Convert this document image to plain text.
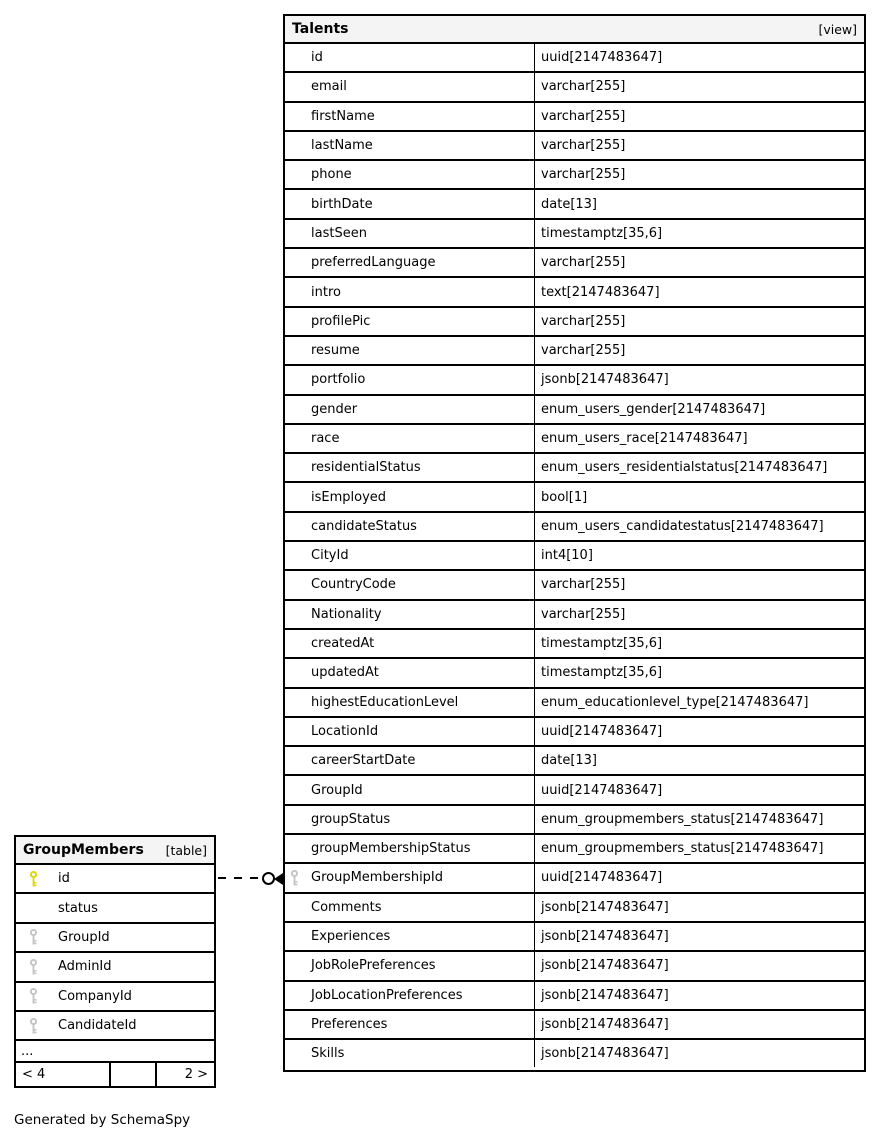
Talents	[view]
id	uuid[2147483647]
email	varchar[255]
firstName	varchar[255]
lastName	varchar[255]
phone	varchar[255]
birthDate	date[13]
lastSeen	timestamptz[35,6]
preferredLanguage	varchar[255]
intro	text[2147483647]
profilePic	varchar[255]
resume	varchar[255]
portfolio	jsonb[2147483647]
gender	enum_users_gender[2147483647]
race	enum_users_race[2147483647]
residentialStatus	enum_users_residentialstatus[2147483647]
isEmployed	bool[1]
candidateStatus	enum_users_candidatestatus[2147483647]
CityId	int4[10]
CountryCode	varchar[255]
Nationality	varchar[255]
createdAt	timestamptz[35,6]
updatedAt	timestamptz[35,6]
highestEducationLevel	enum_educationlevel_type[2147483647]
LocationId	uuid[2147483647]
careerStartDate	date[13]
GroupId	uuid[2147483647]
groupStatus	enum_groupmembers_status[2147483647]
groupMembershipStatus	enum_groupmembers_status[2147483647]
GroupMembershipId	uuid[2147483647]
Comments	jsonb[2147483647]
Experiences	jsonb[2147483647]
JobRolePreferences	jsonb[2147483647]
JobLocationPreferences	jsonb[2147483647]
Preferences	jsonb[2147483647]
Skills	jsonb[2147483647]
GroupMembers [table]
id
status
GroupId
AdminId
CompanyId
CandidateId
...
< 4	2 >
Generated by SchemaSpy
